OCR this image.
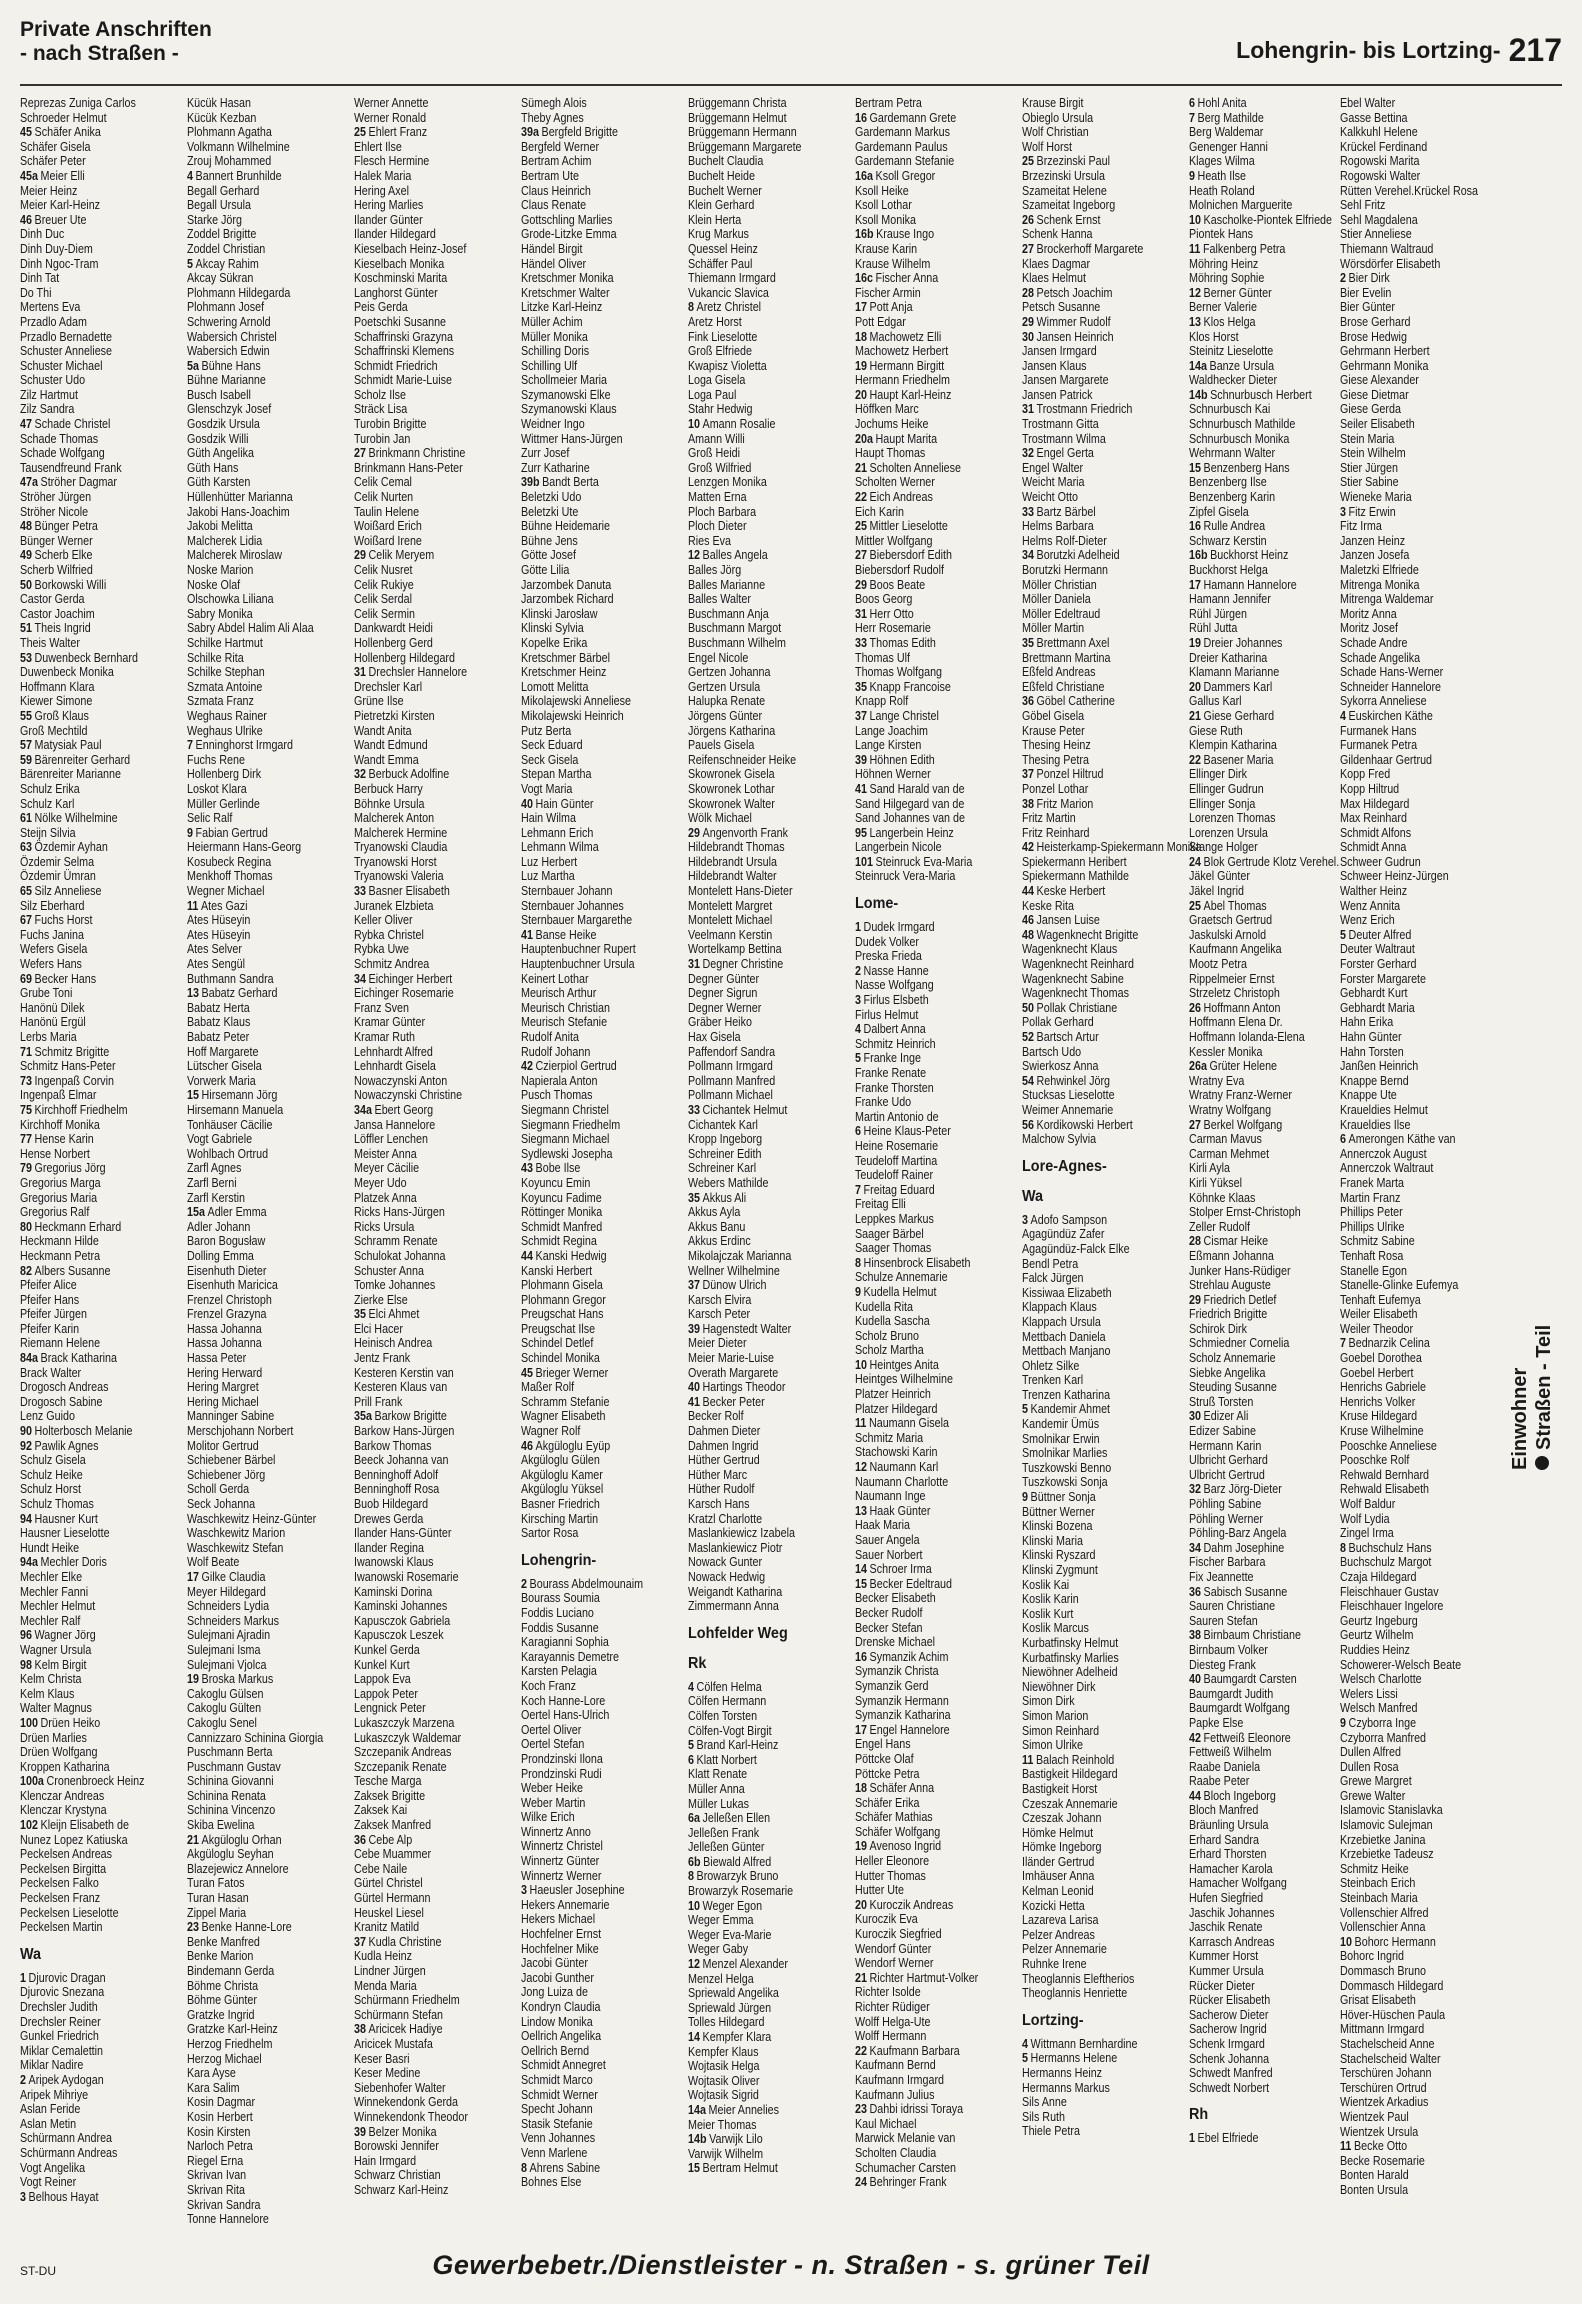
Private Anschriften
- nach Straßen -	Lohengrin- bis Lortzing- 217
Reprezas Zuniga Carlos
Schroeder Helmut
45 Schäfer Anika
Schäfer Gisela
Schäfer Peter
45a Meier Elli
Meier Heinz
Meier Karl-Heinz
46 Breuer Ute
Dinh Duc
Dinh Duy-Diem
Dinh Ngoc-Tram
Dinh Tat
Do Thi
Mertens Eva
Przadlo Adam
Przadlo Bernadette
Schuster Anneliese
Schuster Michael
Schuster Udo
Zilz Hartmut
Zilz Sandra
47 Schade Christel
Schade Thomas
Schade Wolfgang
Tausendfreund Frank
47a Ströher Dagmar
Ströher Jürgen
Ströher Nicole
48 Bünger Petra
Bünger Werner
49 Scherb Elke
Scherb Wilfried
50 Borkowski Willi
Castor Gerda
Castor Joachim
51 Theis Ingrid
Theis Walter
53 Duwenbeck Bernhard
Duwenbeck Monika
Hoffmann Klara
Kiewer Simone
55 Groß Klaus
Groß Mechtild
57 Matysiak Paul
59 Bärenreiter Gerhard
Bärenreiter Marianne
Schulz Erika
Schulz Karl
61 Nölke Wilhelmine
Steijn Silvia
63 Özdemir Ayhan
Özdemir Selma
Özdemir Ümran
65 Silz Anneliese
Silz Eberhard
67 Fuchs Horst
Fuchs Janina
Wefers Gisela
Wefers Hans
69 Becker Hans
Grube Toni
Hanönü Dilek
Hanönü Ergül
Lerbs Maria
71 Schmitz Brigitte
Schmitz Hans-Peter
73 Ingenpaß Corvin
Ingenpaß Elmar
75 Kirchhoff Friedhelm
Kirchhoff Monika
77 Hense Karin
Hense Norbert
79 Gregorius Jörg
Gregorius Marga
Gregorius Maria
Gregorius Ralf
80 Heckmann Erhard
Heckmann Hilde
Heckmann Petra
82 Albers Susanne
Pfeifer Alice
Pfeifer Hans
Pfeifer Jürgen
Pfeifer Karin
Riemann Helene
84a Brack Katharina
Brack Walter
Drogosch Andreas
Drogosch Sabine
Lenz Guido
90 Holterbosch Melanie
92 Pawlik Agnes
Schulz Gisela
Schulz Heike
Schulz Horst
Schulz Thomas
94 Hausner Kurt
Hausner Lieselotte
Hundt Heike
94a Mechler Doris
Mechler Elke
Mechler Fanni
Mechler Helmut
Mechler Ralf
96 Wagner Jörg
Wagner Ursula
98 Kelm Birgit
Kelm Christa
Kelm Klaus
Walter Magnus
100 Drüen Heiko
Drüen Marlies
Drüen Wolfgang
Kroppen Katharina
100a Cronenbroeck Heinz
Klenczar Andreas
Klenczar Krystyna
102 Kleijn Elisabeth de
Nunez Lopez Katiuska
Peckelsen Andreas
Peckelsen Birgitta
Peckelsen Falko
Peckelsen Franz
Peckelsen Lieselotte
Peckelsen Martin
Wa
1 Djurovic Dragan
Djurovic Snezana
Drechsler Judith
Drechsler Reiner
Gunkel Friedrich
Miklar Cemalettin
Miklar Nadire
2 Aripek Aydogan
Aripek Mihriye
Aslan Feride
Aslan Metin
Schürmann Andrea
Schürmann Andreas
Vogt Angelika
Vogt Reiner
3 Belhous Hayat
Kücük Hasan
Kücük Kezban
Plohmann Agatha
Volkmann Wilhelmine
Zrouj Mohammed
4 Bannert Brunhilde
Begall Gerhard
Begall Ursula
Starke Jörg
Zoddel Brigitte
Zoddel Christian
5 Akcay Rahim
Akcay Sükran
Plohmann Hildegarda
Plohmann Josef
Schwering Arnold
Wabersich Christel
Wabersich Edwin
5a Bühne Hans
Bühne Marianne
Busch Isabell
Glenschzyk Josef
Gosdzik Ursula
Gosdzik Willi
Güth Angelika
Güth Hans
Güth Karsten
Hüllenhütter Marianna
Jakobi Hans-Joachim
Jakobi Melitta
Malcherek Lidia
Malcherek Miroslaw
Noske Marion
Noske Olaf
Olschowka Liliana
Sabry Monika
Sabry Abdel Halim Ali Alaa
Schilke Hartmut
Schilke Rita
Schilke Stephan
Szmata Antoine
Szmata Franz
Weghaus Rainer
Weghaus Ulrike
7 Enninghorst Irmgard
Fuchs Rene
Hollenberg Dirk
Loskot Klara
Müller Gerlinde
Selic Ralf
9 Fabian Gertrud
Heiermann Hans-Georg
Kosubeck Regina
Menkhoff Thomas
Wegner Michael
11 Ates Gazi
Ates Hüseyin
Ates Hüseyin
Ates Selver
Ates Sengül
Buthmann Sandra
13 Babatz Gerhard
Babatz Herta
Babatz Klaus
Babatz Peter
Hoff Margarete
Lütscher Gisela
Vorwerk Maria
15 Hirsemann Jörg
Hirsemann Manuela
Tonhäuser Cäcilie
Vogt Gabriele
Wohlbach Ortrud
Zarfl Agnes
Zarfl Berni
Zarfl Kerstin
15a Adler Emma
Adler Johann
Baron Bogusław
Dolling Emma
Eisenhuth Dieter
Eisenhuth Maricica
Frenzel Christoph
Frenzel Grazyna
Hassa Johanna
Hassa Johanna
Hassa Peter
Hering Herward
Hering Margret
Hering Michael
Manninger Sabine
Merschjohann Norbert
Molitor Gertrud
Schiebener Bärbel
Schiebener Jörg
Scholl Gerda
Seck Johanna
Waschkewitz Heinz-Günter
Waschkewitz Marion
Waschkewitz Stefan
Wolf Beate
17 Gilke Claudia
Meyer Hildegard
Schneiders Lydia
Schneiders Markus
Sulejmani Ajradin
Sulejmani Isma
Sulejmani Vjolca
19 Broska Markus
Cakoglu Gülsen
Cakoglu Gülten
Cakoglu Senel
Cannizzaro Schinina Giorgia
Puschmann Berta
Puschmann Gustav
Schinina Giovanni
Schinina Renata
Schinina Vincenzo
Skiba Ewelina
21 Akgüloglu Orhan
Akgüloglu Seyhan
Blazejewicz Annelore
Turan Fatos
Turan Hasan
Zippel Maria
23 Benke Hanne-Lore
Benke Manfred
Benke Marion
Bindemann Gerda
Böhme Christa
Böhme Günter
Gratzke Ingrid
Gratzke Karl-Heinz
Herzog Friedhelm
Herzog Michael
Kara Ayse
Kara Salim
Kosin Dagmar
Kosin Herbert
Kosin Kirsten
Narloch Petra
Riegel Erna
Skrivan Ivan
Skrivan Rita
Skrivan Sandra
Tonne Hannelore
Werner Annette
Werner Ronald
25 Ehlert Franz
Ehlert Ilse
Flesch Hermine
Halek Maria
Hering Axel
Hering Marlies
Ilander Günter
Ilander Hildegard
Kieselbach Heinz-Josef
Kieselbach Monika
Koschminski Marita
Langhorst Günter
Peis Gerda
Poetschki Susanne
Schaffrinski Grazyna
Schaffrinski Klemens
Schmidt Friedrich
Schmidt Marie-Luise
Scholz Ilse
Sträck Lisa
Turobin Brigitte
Turobin Jan
27 Brinkmann Christine
Brinkmann Hans-Peter
Celik Cemal
Celik Nurten
Taulin Helene
Woißard Erich
Woißard Irene
29 Celik Meryem
Celik Nusret
Celik Rukiye
Celik Serdal
Celik Sermin
Dankwardt Heidi
Hollenberg Gerd
Hollenberg Hildegard
31 Drechsler Hannelore
Drechsler Karl
Grüne Ilse
Pietretzki Kirsten
Wandt Anita
Wandt Edmund
Wandt Emma
32 Berbuck Adolfine
Berbuck Harry
Böhnke Ursula
Malcherek Anton
Malcherek Hermine
Tryanowski Claudia
Tryanowski Horst
Tryanowski Valeria
33 Basner Elisabeth
Juranek Elzbieta
Keller Oliver
Rybka Christel
Rybka Uwe
Schmitz Andrea
34 Eichinger Herbert
Eichinger Rosemarie
Franz Sven
Kramar Günter
Kramar Ruth
Lehnhardt Alfred
Lehnhardt Gisela
Nowaczynski Anton
Nowaczynski Christine
34a Ebert Georg
Jansa Hannelore
Löffler Lenchen
Meister Anna
Meyer Cäcilie
Meyer Udo
Platzek Anna
Ricks Hans-Jürgen
Ricks Ursula
Schramm Renate
Schulokat Johanna
Schuster Anna
Tomke Johannes
Zierke Else
35 Elci Ahmet
Elci Hacer
Heinisch Andrea
Jentz Frank
Kesteren Kerstin van
Kesteren Klaus van
Prill Frank
35a Barkow Brigitte
Barkow Hans-Jürgen
Barkow Thomas
Beeck Johanna van
Benninghoff Adolf
Benninghoff Rosa
Buob Hildegard
Drewes Gerda
Ilander Hans-Günter
Ilander Regina
Iwanowski Klaus
Iwanowski Rosemarie
Kaminski Dorina
Kaminski Johannes
Kapusczok Gabriela
Kapusczok Leszek
Kunkel Gerda
Kunkel Kurt
Lappok Eva
Lappok Peter
Lengnick Peter
Lukaszczyk Marzena
Lukaszczyk Waldemar
Szczepanik Andreas
Szczepanik Renate
Tesche Marga
Zaksek Brigitte
Zaksek Kai
Zaksek Manfred
36 Cebe Alp
Cebe Muammer
Cebe Naile
Gürtel Christel
Gürtel Hermann
Heuskel Liesel
Kranitz Matild
37 Kudla Christine
Kudla Heinz
Lindner Jürgen
Menda Maria
Schürmann Friedhelm
Schürmann Stefan
38 Aricicek Hadiye
Aricicek Mustafa
Keser Basri
Keser Medine
Siebenhofer Walter
Winnekendonk Gerda
Winnekendonk Theodor
39 Belzer Monika
Borowski Jennifer
Hain Irmgard
Schwarz Christian
Schwarz Karl-Heinz
Sümegh Alois
Theby Agnes
39a Bergfeld Brigitte
Bergfeld Werner
Bertram Achim
Bertram Ute
Claus Heinrich
Claus Renate
Gottschling Marlies
Grode-Litzke Emma
Händel Birgit
Händel Oliver
Kretschmer Monika
Kretschmer Walter
Litzke Karl-Heinz
Müller Achim
Müller Monika
Schilling Doris
Schilling Ulf
Schollmeier Maria
Szymanowski Elke
Szymanowski Klaus
Weidner Ingo
Wittmer Hans-Jürgen
Zurr Josef
Zurr Katharine
39b Bandt Berta
Beletzki Udo
Beletzki Ute
Bühne Heidemarie
Bühne Jens
Götte Josef
Götte Lilia
Jarzombek Danuta
Jarzombek Richard
Klinski Jarosław
Klinski Sylvia
Kopelke Erika
Kretschmer Bärbel
Kretschmer Heinz
Lomott Melitta
Mikolajewski Anneliese
Mikolajewski Heinrich
Putz Berta
Seck Eduard
Seck Gisela
Stepan Martha
Vogt Maria
40 Hain Günter
Hain Wilma
Lehmann Erich
Lehmann Wilma
Luz Herbert
Luz Martha
Sternbauer Johann
Sternbauer Johannes
Sternbauer Margarethe
41 Banse Heike
Hauptenbuchner Rupert
Hauptenbuchner Ursula
Keinert Lothar
Meurisch Arthur
Meurisch Christian
Meurisch Stefanie
Rudolf Anita
Rudolf Johann
42 Czierpiol Gertrud
Napierala Anton
Pusch Thomas
Siegmann Christel
Siegmann Friedhelm
Siegmann Michael
Sydlewski Josepha
43 Bobe Ilse
Koyuncu Emin
Koyuncu Fadime
Röttinger Monika
Schmidt Manfred
Schmidt Regina
44 Kanski Hedwig
Kanski Herbert
Plohmann Gisela
Plohmann Gregor
Preugschat Hans
Preugschat Ilse
Schindel Detlef
Schindel Monika
45 Brieger Werner
Maßer Rolf
Schramm Stefanie
Wagner Elisabeth
Wagner Rolf
46 Akgüloglu Eyüp
Akgüloglu Gülen
Akgüloglu Kamer
Akgüloglu Yüksel
Basner Friedrich
Kirsching Martin
Sartor Rosa
Lohengrin-
2 Bourass Abdelmounaim
Bourass Soumia
Foddis Luciano
Foddis Susanne
Karagianni Sophia
Karayannis Demetre
Karsten Pelagia
Koch Franz
Koch Hanne-Lore
Oertel Hans-Ulrich
Oertel Oliver
Oertel Stefan
Prondzinski Ilona
Prondzinski Rudi
Weber Heike
Weber Martin
Wilke Erich
Winnertz Anno
Winnertz Christel
Winnertz Günter
Winnertz Werner
3 Haeusler Josephine
Hekers Annemarie
Hekers Michael
Hochfelner Ernst
Hochfelner Mike
Jacobi Günter
Jacobi Gunther
Jong Luiza de
Kondryn Claudia
Lindow Monika
Oellrich Angelika
Oellrich Bernd
Schmidt Annegret
Schmidt Marco
Schmidt Werner
Specht Johann
Stasik Stefanie
Venn Johannes
Venn Marlene
8 Ahrens Sabine
Bohnes Else
Brüggemann Christa
Brüggemann Helmut
Brüggemann Hermann
Brüggemann Margarete
Buchelt Claudia
Buchelt Heide
Buchelt Werner
Klein Gerhard
Klein Herta
Krug Markus
Quessel Heinz
Schäffer Paul
Thiemann Irmgard
Vukancic Slavica
8 Aretz Christel
Aretz Horst
Fink Lieselotte
Groß Elfriede
Kwapisz Violetta
Loga Gisela
Loga Paul
Stahr Hedwig
10 Amann Rosalie
Amann Willi
Groß Heidi
Groß Wilfried
Lenzgen Monika
Matten Erna
Ploch Barbara
Ploch Dieter
Ries Eva
12 Balles Angela
Balles Jörg
Balles Marianne
Balles Walter
Buschmann Anja
Buschmann Margot
Buschmann Wilhelm
Engel Nicole
Gertzen Johanna
Gertzen Ursula
Halupka Renate
Jörgens Günter
Jörgens Katharina
Pauels Gisela
Reifenschneider Heike
Skowronek Gisela
Skowronek Lothar
Skowronek Walter
Wölk Michael
29 Angenvorth Frank
Hildebrandt Thomas
Hildebrandt Ursula
Hildebrandt Walter
Montelett Hans-Dieter
Montelett Margret
Montelett Michael
Veelmann Kerstin
Wortelkamp Bettina
31 Degner Christine
Degner Günter
Degner Sigrun
Degner Werner
Gräber Heiko
Hax Gisela
Paffendorf Sandra
Pollmann Irmgard
Pollmann Manfred
Pollmann Michael
33 Cichantek Helmut
Cichantek Karl
Kropp Ingeborg
Schreiner Edith
Schreiner Karl
Webers Mathilde
35 Akkus Ali
Akkus Ayla
Akkus Banu
Akkus Erdinc
Mikolajczak Marianna
Wellner Wilhelmine
37 Dünow Ulrich
Karsch Elvira
Karsch Peter
39 Hagenstedt Walter
Meier Dieter
Meier Marie-Luise
Overath Margarete
40 Hartings Theodor
41 Becker Peter
Becker Rolf
Dahmen Dieter
Dahmen Ingrid
Hüther Gertrud
Hüther Marc
Hüther Rudolf
Karsch Hans
Kratzl Charlotte
Maslankiewicz Izabela
Maslankiewicz Piotr
Nowack Gunter
Nowack Hedwig
Weigandt Katharina
Zimmermann Anna
Lohfelder Weg
Rk
4 Cölfen Helma
Cölfen Hermann
Cölfen Torsten
Cölfen-Vogt Birgit
5 Brand Karl-Heinz
6 Klatt Norbert
Klatt Renate
Müller Anna
Müller Lukas
6a Jelleßen Ellen
Jelleßen Frank
Jelleßen Günter
6b Biewald Alfred
8 Browarzyk Bruno
Browarzyk Rosemarie
10 Weger Egon
Weger Emma
Weger Eva-Marie
Weger Gaby
12 Menzel Alexander
Menzel Helga
Spriewald Angelika
Spriewald Jürgen
Tolles Hildegard
14 Kempfer Klara
Kempfer Klaus
Wojtasik Helga
Wojtasik Oliver
Wojtasik Sigrid
14a Meier Annelies
Meier Thomas
14b Varwijk Lilo
Varwijk Wilhelm
15 Bertram Helmut
Bertram Petra
16 Gardemann Grete
Gardemann Markus
Gardemann Paulus
Gardemann Stefanie
16a Ksoll Gregor
Ksoll Heike
Ksoll Lothar
Ksoll Monika
16b Krause Ingo
Krause Karin
Krause Wilhelm
16c Fischer Anna
Fischer Armin
17 Pott Anja
Pott Edgar
18 Machowetz Elli
Machowetz Herbert
19 Hermann Birgitt
Hermann Friedhelm
20 Haupt Karl-Heinz
Höffken Marc
Jochums Heike
20a Haupt Marita
Haupt Thomas
21 Scholten Anneliese
Scholten Werner
22 Eich Andreas
Eich Karin
25 Mittler Lieselotte
Mittler Wolfgang
27 Biebersdorf Edith
Biebersdorf Rudolf
29 Boos Beate
Boos Georg
31 Herr Otto
Herr Rosemarie
33 Thomas Edith
Thomas Ulf
Thomas Wolfgang
35 Knapp Francoise
Knapp Rolf
37 Lange Christel
Lange Joachim
Lange Kirsten
39 Höhnen Edith
Höhnen Werner
41 Sand Harald van de
Sand Hilgegard van de
Sand Johannes van de
95 Langerbein Heinz
Langerbein Nicole
101 Steinruck Eva-Maria
Steinruck Vera-Maria
Lome-
1 Dudek Irmgard
Dudek Volker
Preska Frieda
2 Nasse Hanne
Nasse Wolfgang
3 Firlus Elsbeth
Firlus Helmut
4 Dalbert Anna
Schmitz Heinrich
5 Franke Inge
Franke Renate
Franke Thorsten
Franke Udo
Martin Antonio de
6 Heine Klaus-Peter
Heine Rosemarie
Teudeloff Martina
Teudeloff Rainer
7 Freitag Eduard
Freitag Elli
Leppkes Markus
Saager Bärbel
Saager Thomas
8 Hinsenbrock Elisabeth
Schulze Annemarie
9 Kudella Helmut
Kudella Rita
Kudella Sascha
Scholz Bruno
Scholz Martha
10 Heintges Anita
Heintges Wilhelmine
Platzer Heinrich
Platzer Hildegard
11 Naumann Gisela
Schmitz Maria
Stachowski Karin
12 Naumann Karl
Naumann Charlotte
Naumann Inge
13 Haak Günter
Haak Maria
Sauer Angela
Sauer Norbert
14 Schroer Irma
15 Becker Edeltraud
Becker Elisabeth
Becker Rudolf
Becker Stefan
Drenske Michael
16 Symanzik Achim
Symanzik Christa
Symanzik Gerd
Symanzik Hermann
Symanzik Katharina
17 Engel Hannelore
Engel Hans
Pöttcke Olaf
Pöttcke Petra
18 Schäfer Anna
Schäfer Erika
Schäfer Mathias
Schäfer Wolfgang
19 Avenoso Ingrid
Heller Eleonore
Hutter Thomas
Hutter Ute
20 Kuroczik Andreas
Kuroczik Eva
Kuroczik Siegfried
Wendorf Günter
Wendorf Werner
21 Richter Hartmut-Volker
Richter Isolde
Richter Rüdiger
Wolff Helga-Ute
Wolff Hermann
22 Kaufmann Barbara
Kaufmann Bernd
Kaufmann Irmgard
Kaufmann Julius
23 Dahbi idrissi Toraya
Kaul Michael
Marwick Melanie van
Scholten Claudia
Schumacher Carsten
24 Behringer Frank
Krause Birgit
Obieglo Ursula
Wolf Christian
Wolf Horst
25 Brzezinski Paul
Brzezinski Ursula
Szameitat Helene
Szameitat Ingeborg
26 Schenk Ernst
Schenk Hanna
27 Brockerhoff Margarete
Klaes Dagmar
Klaes Helmut
28 Petsch Joachim
Petsch Susanne
29 Wimmer Rudolf
30 Jansen Heinrich
Jansen Irmgard
Jansen Klaus
Jansen Margarete
Jansen Patrick
31 Trostmann Friedrich
Trostmann Gitta
Trostmann Wilma
32 Engel Gerta
Engel Walter
Weicht Maria
Weicht Otto
33 Bartz Bärbel
Helms Barbara
Helms Rolf-Dieter
34 Borutzki Adelheid
Borutzki Hermann
Möller Christian
Möller Daniela
Möller Edeltraud
Möller Martin
35 Brettmann Axel
Brettmann Martina
Eßfeld Andreas
Eßfeld Christiane
36 Göbel Catherine
Göbel Gisela
Krause Peter
Thesing Heinz
Thesing Petra
37 Ponzel Hiltrud
Ponzel Lothar
38 Fritz Marion
Fritz Martin
Fritz Reinhard
42 Heisterkamp-Spiekermann Monika
Spiekermann Heribert
Spiekermann Mathilde
44 Keske Herbert
Keske Rita
46 Jansen Luise
48 Wagenknecht Brigitte
Wagenknecht Klaus
Wagenknecht Reinhard
Wagenknecht Sabine
Wagenknecht Thomas
50 Pollak Christiane
Pollak Gerhard
52 Bartsch Artur
Bartsch Udo
Swierkosz Anna
54 Rehwinkel Jörg
Stucksas Lieselotte
Weimer Annemarie
56 Kordikowski Herbert
Malchow Sylvia
Lore-Agnes-
Wa
3 Adofo Sampson
Agagündüz Zafer
Agagündüz-Falck Elke
Bendl Petra
Falck Jürgen
Kissiwaa Elizabeth
Klappach Klaus
Klappach Ursula
Mettbach Daniela
Mettbach Manjano
Ohletz Silke
Trenken Karl
Trenzen Katharina
5 Kandemir Ahmet
Kandemir Ümüs
Smolnikar Erwin
Smolnikar Marlies
Tuszkowski Benno
Tuszkowski Sonja
9 Büttner Sonja
Büttner Werner
Klinski Bozena
Klinski Maria
Klinski Ryszard
Klinski Zygmunt
Koslik Kai
Koslik Karin
Koslik Kurt
Koslik Marcus
Kurbatfinsky Helmut
Kurbatfinsky Marlies
Niewöhner Adelheid
Niewöhner Dirk
Simon Dirk
Simon Marion
Simon Reinhard
Simon Ulrike
11 Balach Reinhold
Bastigkeit Hildegard
Bastigkeit Horst
Czeszak Annemarie
Czeszak Johann
Hömke Helmut
Hömke Ingeborg
Iländer Gertrud
Imhäuser Anna
Kelman Leonid
Kozicki Hetta
Lazareva Larisa
Pelzer Andreas
Pelzer Annemarie
Ruhnke Irene
Theoglannis Eleftherios
Theoglannis Henriette
Lortzing-
4 Wittmann Bernhardine
5 Hermanns Helene
Hermanns Heinz
Hermanns Markus
Sils Anne
Sils Ruth
Thiele Petra
6 Hohl Anita
7 Berg Mathilde
Berg Waldemar
Genenger Hanni
Klages Wilma
9 Heath Ilse
Heath Roland
Molnichen Marguerite
10 Kascholke-Piontek Elfriede
Piontek Hans
11 Falkenberg Petra
Möhring Heinz
Möhring Sophie
12 Berner Günter
Berner Valerie
13 Klos Helga
Klos Horst
Steinitz Lieselotte
14a Banze Ursula
Waldhecker Dieter
14b Schnurbusch Herbert
Schnurbusch Kai
Schnurbusch Mathilde
Schnurbusch Monika
Wehrmann Walter
15 Benzenberg Hans
Benzenberg Ilse
Benzenberg Karin
Zipfel Gisela
16 Rulle Andrea
Schwarz Kerstin
16b Buckhorst Heinz
Buckhorst Helga
17 Hamann Hannelore
Hamann Jennifer
Rühl Jürgen
Rühl Jutta
19 Dreier Johannes
Dreier Katharina
Klamann Marianne
20 Dammers Karl
Gallus Karl
21 Giese Gerhard
Giese Ruth
Klempin Katharina
22 Basener Maria
Ellinger Dirk
Ellinger Gudrun
Ellinger Sonja
Lorenzen Thomas
Lorenzen Ursula
Stange Holger
24 Blok Gertrude Klotz Verehel.
Jäkel Günter
Jäkel Ingrid
25 Abel Thomas
Graetsch Gertrud
Jaskulski Arnold
Kaufmann Angelika
Mootz Petra
Rippelmeier Ernst
Strzeletz Christoph
26 Hoffmann Anton
Hoffmann Elena Dr.
Hoffmann Iolanda-Elena
Kessler Monika
26a Grüter Helene
Wratny Eva
Wratny Franz-Werner
Wratny Wolfgang
27 Berkel Wolfgang
Carman Mavus
Carman Mehmet
Kirli Ayla
Kirli Yüksel
Köhnke Klaas
Stolper Ernst-Christoph
Zeller Rudolf
28 Cismar Heike
Eßmann Johanna
Junker Hans-Rüdiger
Strehlau Auguste
29 Friedrich Detlef
Friedrich Brigitte
Schirok Dirk
Schmiedner Cornelia
Scholz Annemarie
Siebke Angelika
Steuding Susanne
Struß Torsten
30 Edizer Ali
Edizer Sabine
Hermann Karin
Ulbricht Gerhard
Ulbricht Gertrud
32 Barz Jörg-Dieter
Pöhling Sabine
Pöhling Werner
Pöhling-Barz Angela
34 Dahm Josephine
Fischer Barbara
Fix Jeannette
36 Sabisch Susanne
Sauren Christiane
Sauren Stefan
38 Birnbaum Christiane
Birnbaum Volker
Diesteg Frank
40 Baumgardt Carsten
Baumgardt Judith
Baumgardt Wolfgang
Papke Else
42 Fettweiß Eleonore
Fettweiß Wilhelm
Raabe Daniela
Raabe Peter
44 Bloch Ingeborg
Bloch Manfred
Bräunling Ursula
Erhard Sandra
Erhard Thorsten
Hamacher Karola
Hamacher Wolfgang
Hufen Siegfried
Jaschik Johannes
Jaschik Renate
Karrasch Andreas
Kummer Horst
Kummer Ursula
Rücker Dieter
Rücker Elisabeth
Sacherow Dieter
Sacherow Ingrid
Schenk Irmgard
Schenk Johanna
Schwedt Manfred
Schwedt Norbert
Rh
1 Ebel Elfriede
Ebel Walter
Gasse Bettina
Kalkkuhl Helene
Krückel Ferdinand
Rogowski Marita
Rogowski Walter
Rütten Verehel.Krückel Rosa
Sehl Fritz
Sehl Magdalena
Stier Anneliese
Thiemann Waltraud
Wörsdörfer Elisabeth
2 Bier Dirk
Bier Evelin
Bier Günter
Brose Gerhard
Brose Hedwig
Gehrmann Herbert
Gehrmann Monika
Giese Alexander
Giese Dietmar
Giese Gerda
Seiler Elisabeth
Stein Maria
Stein Wilhelm
Stier Jürgen
Stier Sabine
Wieneke Maria
3 Fitz Erwin
Fitz Irma
Janzen Heinz
Janzen Josefa
Maletzki Elfriede
Mitrenga Monika
Mitrenga Waldemar
Moritz Anna
Moritz Josef
Schade Andre
Schade Angelika
Schade Hans-Werner
Schneider Hannelore
Sykorra Anneliese
4 Euskirchen Käthe
Furmanek Hans
Furmanek Petra
Gildenhaar Gertrud
Kopp Fred
Kopp Hiltrud
Max Hildegard
Max Reinhard
Schmidt Alfons
Schmidt Anna
Schweer Gudrun
Schweer Heinz-Jürgen
Walther Heinz
Wenz Annita
Wenz Erich
5 Deuter Alfred
Deuter Waltraut
Forster Gerhard
Forster Margarete
Gebhardt Kurt
Gebhardt Maria
Hahn Erika
Hahn Günter
Hahn Torsten
Janßen Heinrich
Knappe Bernd
Knappe Ute
Kraueldies Helmut
Kraueldies Ilse
6 Amerongen Käthe van
Annerczok August
Annerczok Waltraut
Franek Marta
Martin Franz
Phillips Peter
Phillips Ulrike
Schmitz Sabine
Tenhaft Rosa
Stanelle Egon
Stanelle-Glinke Eufemya
Tenhaft Eufemya
Weiler Elisabeth
Weiler Theodor
7 Bednarzik Celina
Goebel Dorothea
Goebel Herbert
Henrichs Gabriele
Henrichs Volker
Kruse Hildegard
Kruse Wilhelmine
Pooschke Anneliese
Pooschke Rolf
Rehwald Bernhard
Rehwald Elisabeth
Wolf Baldur
Wolf Lydia
Zingel Irma
8 Buchschulz Hans
Buchschulz Margot
Czaja Hildegard
Fleischhauer Gustav
Fleischhauer Ingelore
Geurtz Ingeburg
Geurtz Wilhelm
Ruddies Heinz
Schowerer-Welsch Beate
Welsch Charlotte
Welers Lissi
Welsch Manfred
9 Czyborra Inge
Czyborra Manfred
Dullen Alfred
Dullen Rosa
Grewe Margret
Grewe Walter
Islamovic Stanislavka
Islamovic Sulejman
Krzebietke Janina
Krzebietke Tadeusz
Schmitz Heike
Steinbach Erich
Steinbach Maria
Vollenschier Alfred
Vollenschier Anna
10 Bohorc Hermann
Bohorc Ingrid
Dommasch Bruno
Dommasch Hildegard
Grisat Elisabeth
Höver-Hüschen Paula
Mittmann Irmgard
Stachelscheid Anne
Stachelscheid Walter
Terschüren Johann
Terschüren Ortrud
Wientzek Arkadius
Wientzek Paul
Wientzek Ursula
11 Becke Otto
Becke Rosemarie
Bonten Harald
Bonten Ursula
Einwohner Straßen - Teil
ST-DU	Gewerbebetr./Dienstleister - n. Straßen - s. grüner Teil
